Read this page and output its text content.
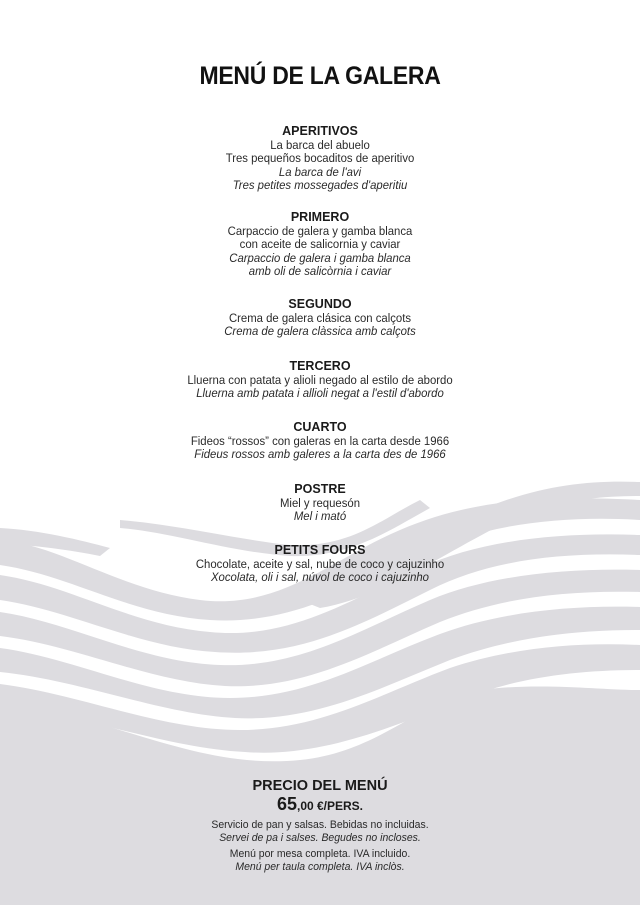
MENÚ DE LA GALERA
APERITIVOS
La barca del abuelo
Tres pequeños bocaditos de aperitivo
La barca de l'avi
Tres petites mossegades d'aperitiu
PRIMERO
Carpaccio de galera y gamba blanca
con aceite de salicornia y caviar
Carpaccio de galera i gamba blanca
amb oli de salicòrnia i caviar
SEGUNDO
Crema de galera clásica con calçots
Crema de galera clàssica amb calçots
TERCERO
Lluerna con patata y alioli negado al estilo de abordo
Lluerna amb patata i allioli negat a l'estil d'abordo
CUARTO
Fideos “rossos” con galeras en la carta desde 1966
Fideus rossos amb galeres a la carta des de 1966
POSTRE
Miel y requesón
Mel i mató
PETITS FOURS
Chocolate, aceite y sal, nube de coco y cajuzinho
Xocolata, oli i sal, núvol de coco i cajuzinho
PRECIO DEL MENÚ
65,00 €/PERS.
Servicio de pan y salsas. Bebidas no incluidas.
Servei de pa i salses. Begudes no incloses.
Menú por mesa completa. IVA incluido.
Menú per taula completa. IVA inclòs.
